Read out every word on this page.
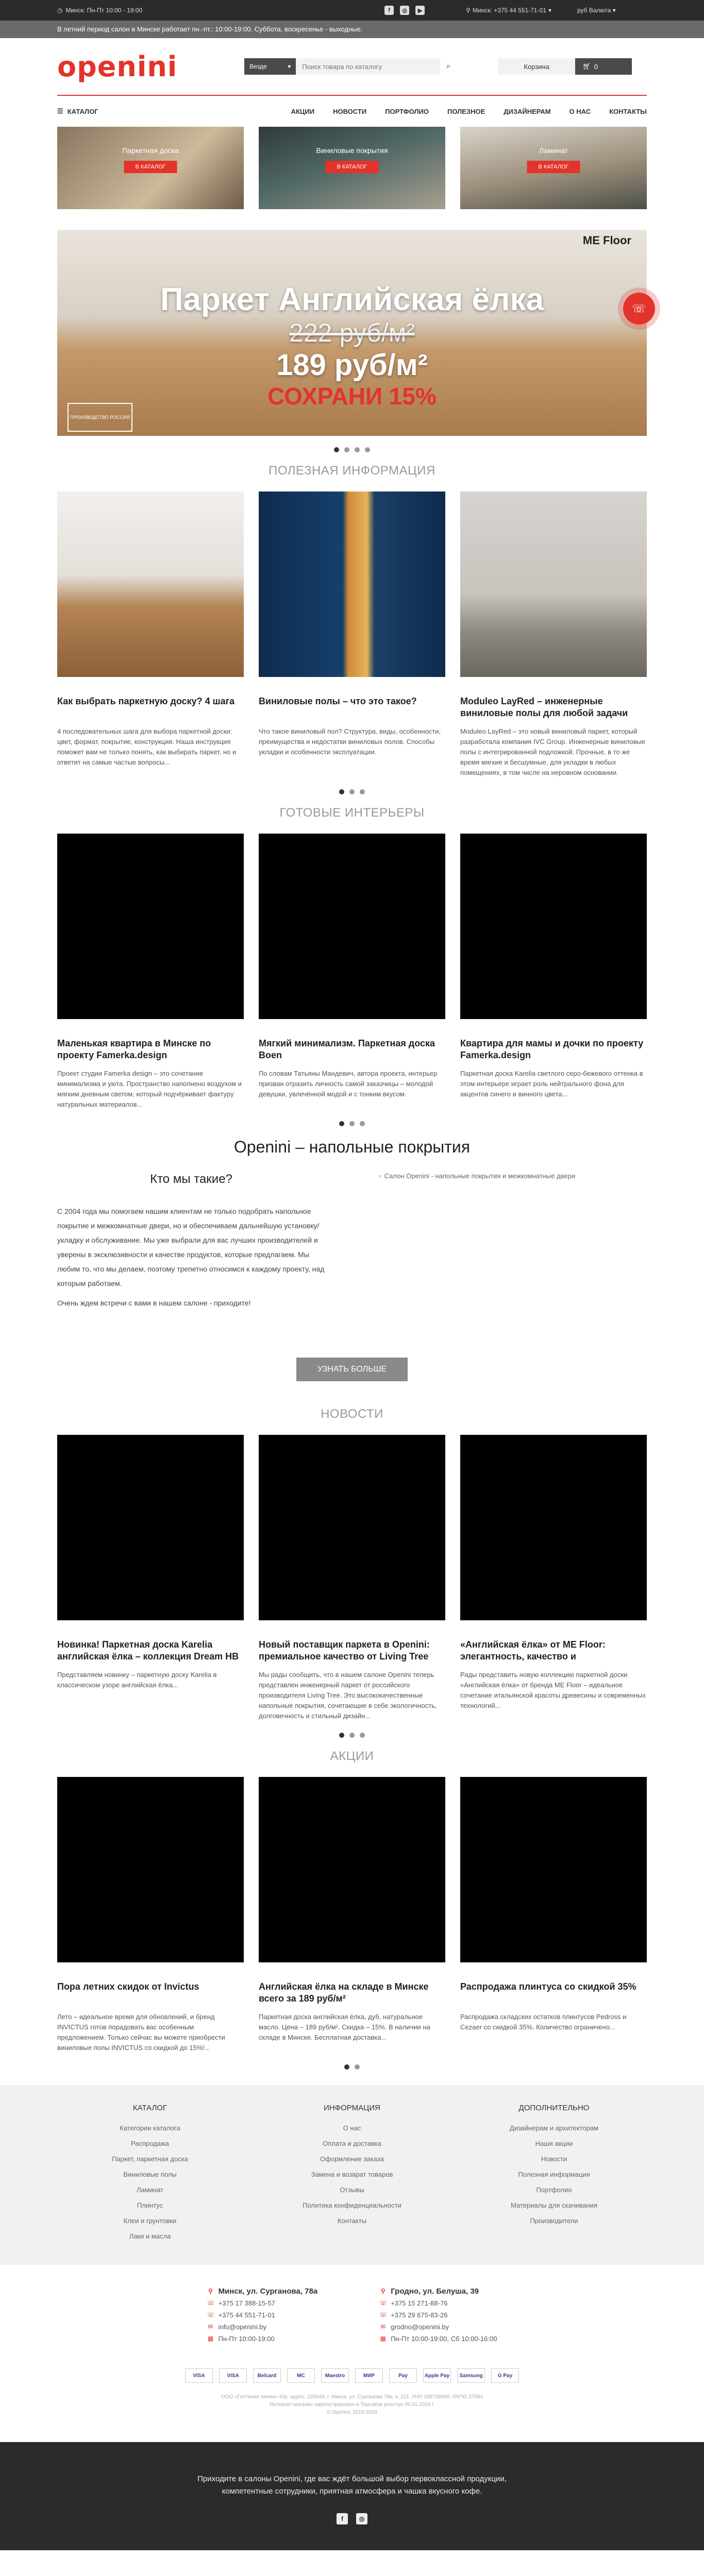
◷ Минск: Пн-Пт 10:00 - 19:00	f	◎	▶	⚲ Минск: +375 44 551-71-01 ▾	руб Валюта ▾
В летний период салон в Минске работает пн.-пт.: 10:00-19:00. Суббота, воскресенье - выходные.
openini	Везде	▾
Поиск товара по каталогу	⌕	Корзина	🛒︎ 0
☰ КАТАЛОГ	АКЦИИ	НОВОСТИ	ПОРТФОЛИО	ПОЛЕЗНОЕ	ДИЗАЙНЕРАМ	О НАС	КОНТАКТЫ
Паркетная доска
В КАТАЛОГ
Виниловые покрытия
В КАТАЛОГ
Ламинат
В КАТАЛОГ
ME Floor
Паркет Английская ёлка
222 руб/м²
189 руб/м²
СОХРАНИ 15%
ПРОИЗВОДСТВО РОССИЯ
☏
ПОЛЕЗНАЯ ИНФОРМАЦИЯ
Как выбрать паркетную доску? 4 шага
4 последовательных шага для выбора паркетной доски: цвет, формат, покрытие, конструкция. Наша инструкция поможет вам не только понять, как выбирать паркет, но и ответит на самые частые вопросы...
Виниловые полы – что это такое?
Что такое виниловый пол? Структура, виды, особенности, преимущества и недостатки виниловых полов. Способы укладки и особенности эксплуатации.
Moduleo LayRed – инженерные виниловые полы для любой задачи
Moduleo LayRed – это новый виниловый паркет, который разработала компания IVC Group. Инженерные виниловые полы с интегрированной подложкой. Прочные, в то же время мягкие и бесшумные, для укладки в любых помещениях, в том числе на неровном основании.
ГОТОВЫЕ ИНТЕРЬЕРЫ
Маленькая квартира в Минске по проекту Famerka.design
Проект студии Famerka design – это сочетание минимализма и уюта. Пространство наполнено воздухом и мягким дневным светом, который подчёркивает фактуру натуральных материалов...
Мягкий минимализм. Паркетная доска Boen
По словам Татьяны Мандевич, автора проекта, интерьер призван отразить личность самой заказчицы – молодой девушки, увлечённой модой и с тонким вкусом.
Квартира для мамы и дочки по проекту Famerka.design
Паркетная доска Karelia светлого серо-бежевого оттенка в этом интерьере играет роль нейтрального фона для акцентов синего и винного цвета...
Openini – напольные покрытия
Кто мы такие?

С 2004 года мы помогаем нашим клиентам не только подобрать напольное покрытие и межкомнатные двери, но и обеспечиваем дальнейшую установку/укладку и обслуживание. Мы уже выбрали для вас лучших производителей и уверены в эксклюзивности и качестве продуктов, которые предлагаем. Мы любим то, что мы делаем, поэтому трепетно относимся к каждому проекту, над которым работаем.

Очень ждем встречи с вами в нашем салоне - приходите!

▫ Салон Openini - напольные покрытия и межкомнатные двери
УЗНАТЬ БОЛЬШЕ
НОВОСТИ
Новинка! Паркетная доска Karelia английская ёлка – коллекция Dream HB
Представляем новинку – паркетную доску Karelia в классическом узоре английская ёлка...
Новый поставщик паркета в Openini: премиальное качество от Living Tree
Мы рады сообщить, что в нашем салоне Openini теперь представлен инженерный паркет от российского производителя Living Tree. Это высококачественные напольные покрытия, сочетающие в себе экологичность, долговечность и стильный дизайн...
«Английская ёлка» от ME Floor: элегантность, качество и
Рады представить новую коллекцию паркетной доски «Английская ёлка» от бренда ME Floor – идеальное сочетание итальянской красоты древесины и современных технологий...
АКЦИИ
Пора летних скидок от Invictus
Лето – идеальное время для обновлений, и бренд INVICTUS готов порадовать вас особенным предложением. Только сейчас вы можете приобрести виниловые полы INVICTUS со скидкой до 15%!...
Английская ёлка на складе в Минске всего за 189 руб/м²
Паркетная доска английская ёлка, дуб, натуральное масло. Цена – 189 руб/м². Скидка – 15%. В наличии на складе в Минске. Бесплатная доставка...
Распродажа плинтуса со скидкой 35%
Распродажа складских остатков плинтусов Pedross и Cezaer со скидкой 35%. Количество ограничено...
КАТАЛОГ
Категории каталога
Распродажа
Паркет, паркетная доска
Виниловые полы
Ламинат
Плинтус
Клеи и грунтовки
Лаки и масла
ИНФОРМАЦИЯ
О нас
Оплата и доставка
Оформление заказа
Замена и возврат товаров
Отзывы
Политика конфиденциальности
Контакты
ДОПОЛНИТЕЛЬНО
Дизайнерам и архитекторам
Наши акции
Новости
Полезная информация
Портфолио
Материалы для скачивания
Производители
⚲ Минск, ул. Сурганова, 78а
☏ +375 17 388-15-57
☏ +375 44 551-71-01
✉ info@openini.by
▦ Пн-Пт 10:00-19:00
⚲ Гродно, ул. Белуша, 39
☏ +375 15 271-88-76
☏ +375 29 675-83-26
✉ grodno@openini.by
▦ Пн-Пт 10:00-19:00, Сб 10:00-16:00
VISA	VISA	Belcard	MC	Maestro	МИР	Pay	Apple Pay	Samsung	G Pay
ООО «Гостиная линия» Юр. адрес: 220049, г. Минск, ул. Сурганова 78а, к. 112. УНП 190728090. ОКПО 37594
Интернет-магазин зарегистрирован в Торговом реестре 05.01.2016 г.
© Openini, 2015-2024

Приходите в салоны Openini, где вас ждёт большой выбор первоклассной продукции, компетентные сотрудники, приятная атмосфера и чашка вкусного кофе.

f	◎
